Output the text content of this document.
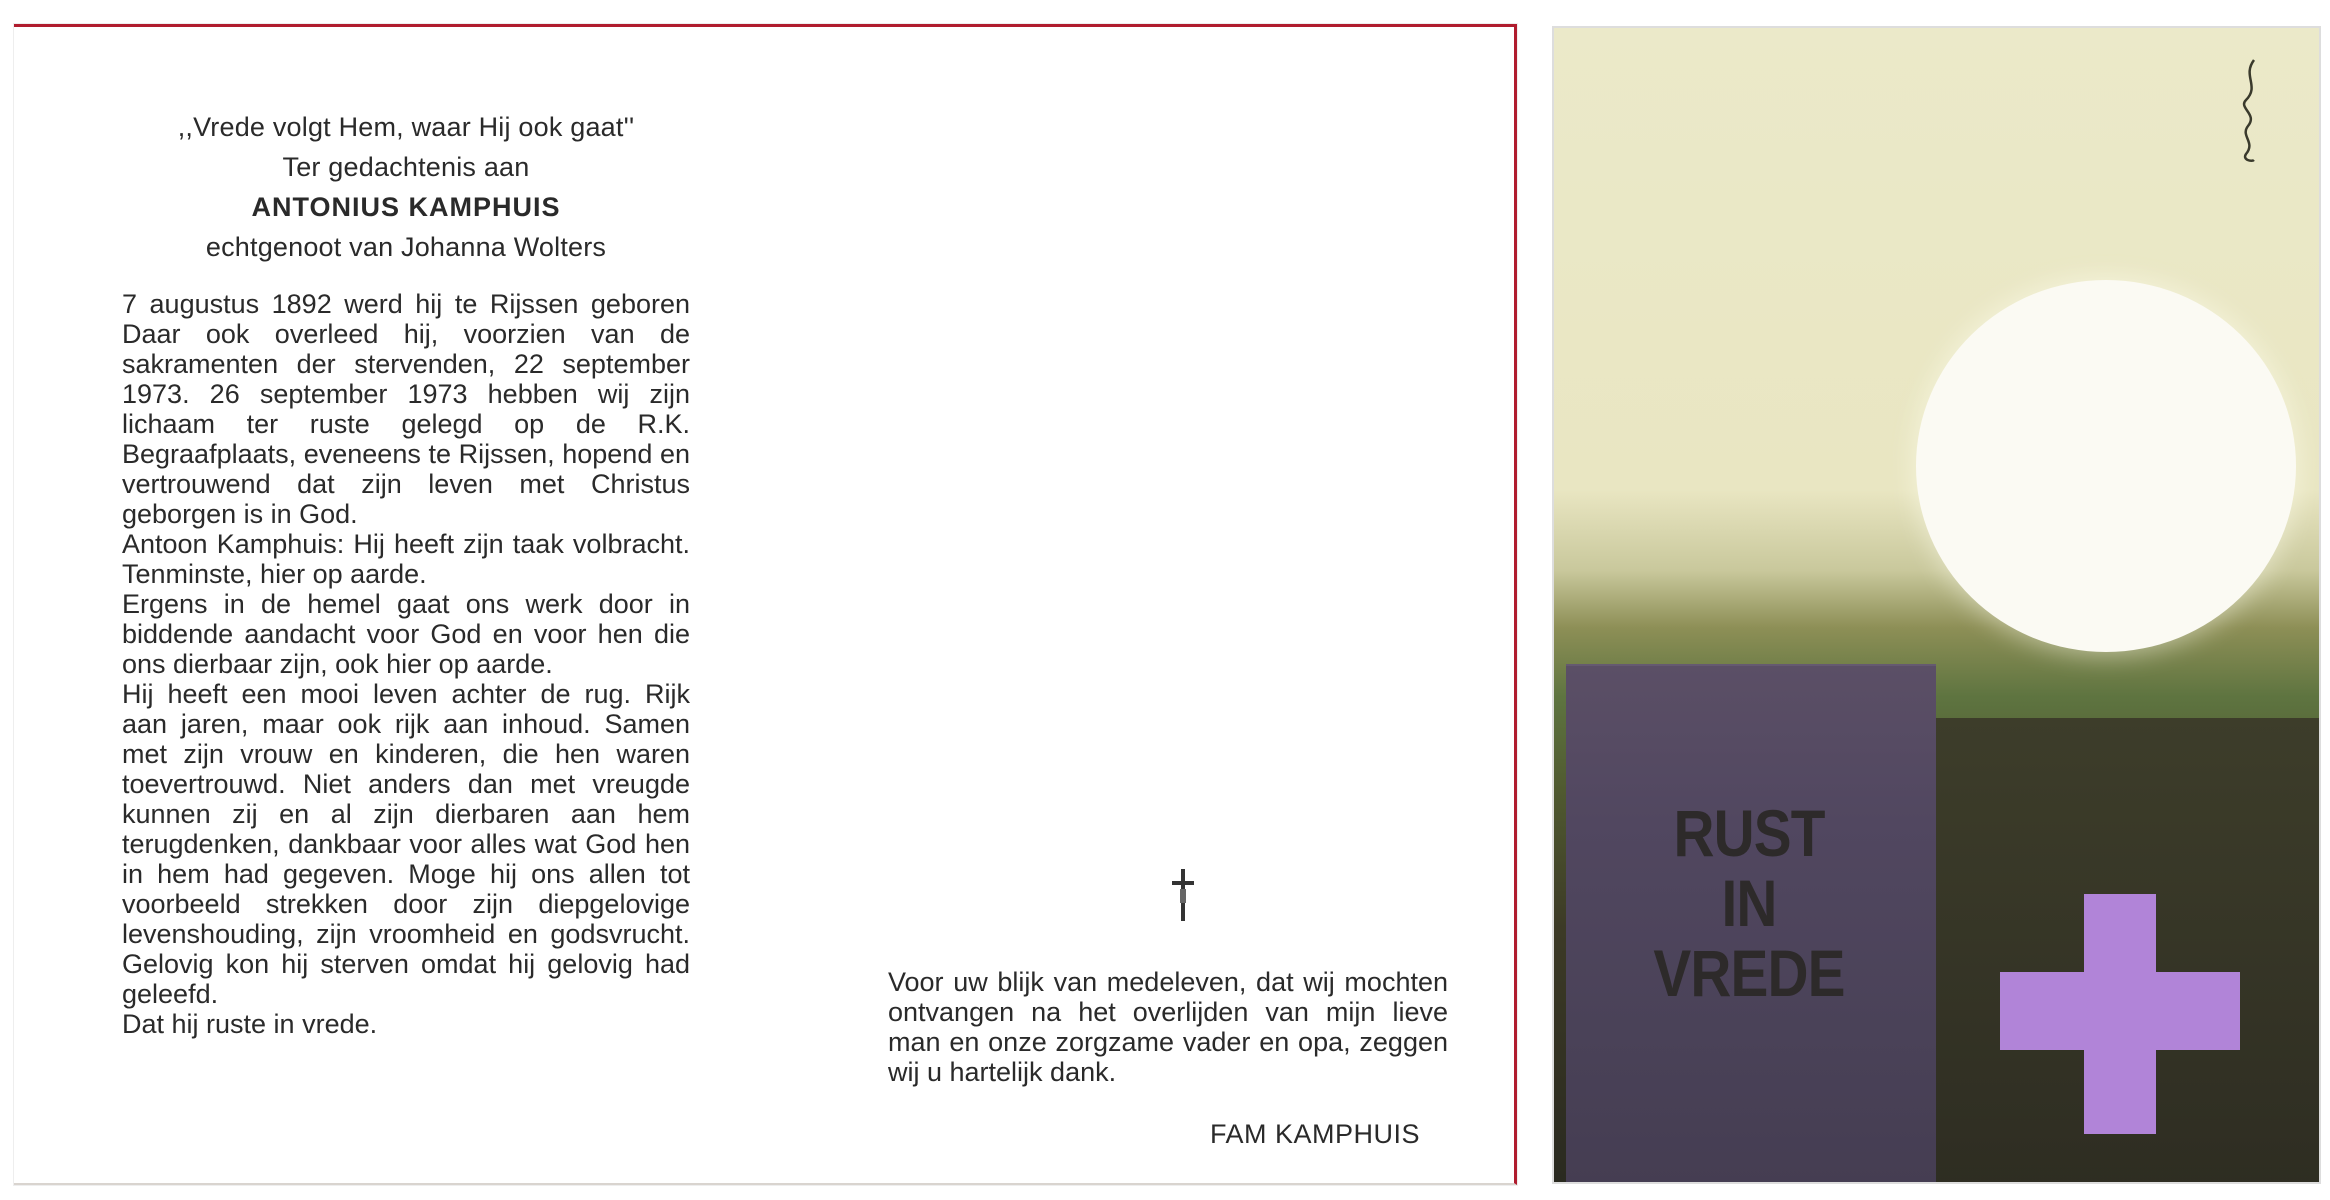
,,Vrede volgt Hem, waar Hij ook gaat''
Ter gedachtenis aan
ANTONIUS KAMPHUIS
echtgenoot van Johanna Wolters

7 augustus 1892 werd hij te Rijssen geboren Daar ook overleed hij, voorzien van de sakramenten der stervenden, 22 september 1973. 26 september 1973 hebben wij zijn lichaam ter ruste gelegd op de R.K. Begraafplaats, eveneens te Rijssen, hopend en vertrouwend dat zijn leven met Christus geborgen is in God.

Antoon Kamphuis: Hij heeft zijn taak volbracht. Tenminste, hier op aarde.

Ergens in de hemel gaat ons werk door in biddende aandacht voor God en voor hen die ons dierbaar zijn, ook hier op aarde.

Hij heeft een mooi leven achter de rug. Rijk aan jaren, maar ook rijk aan inhoud. Samen met zijn vrouw en kinderen, die hen waren toevertrouwd. Niet anders dan met vreugde kunnen zij en al zijn dierbaren aan hem terugdenken, dankbaar voor alles wat God hen in hem had gegeven. Moge hij ons allen tot voorbeeld strekken door zijn diepgelovige levenshouding, zijn vroomheid en godsvrucht. Gelovig kon hij sterven omdat hij gelovig had geleefd.

Dat hij ruste in vrede.

Voor uw blijk van medeleven, dat wij mochten ontvangen na het overlijden van mijn lieve man en onze zorgzame vader en opa, zeggen wij u hartelijk dank.
FAM KAMPHUIS
RUST
IN
VREDE
